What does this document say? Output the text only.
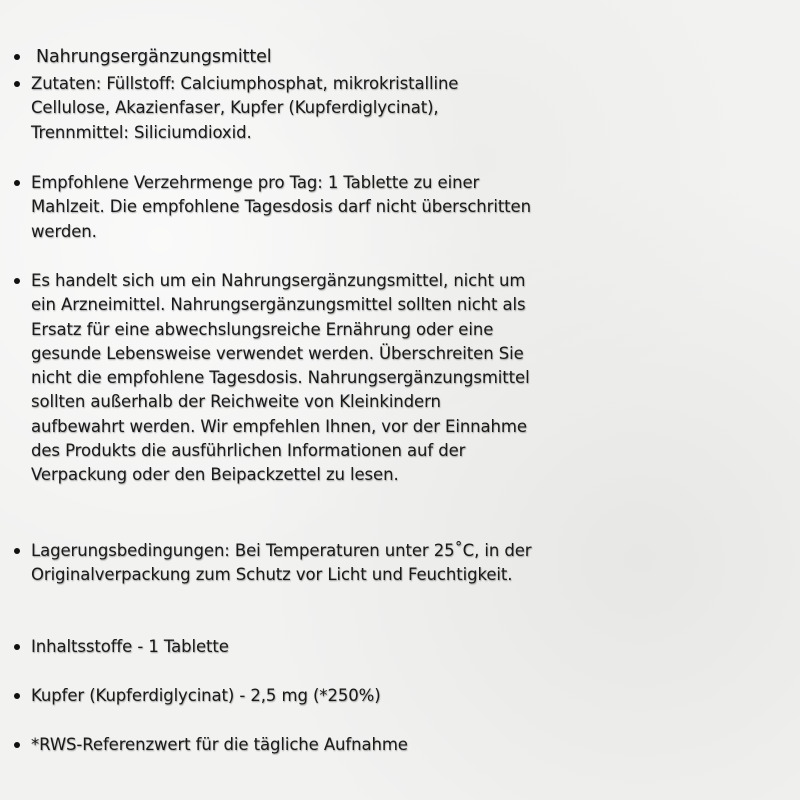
Nahrungsergänzungsmittel
Zutaten: Füllstoff: Calciumphosphat, mikrokristalline Cellulose, Akazienfaser, Kupfer (Kupferdiglycinat), Trennmittel: Siliciumdioxid.
Empfohlene Verzehrmenge pro Tag: 1 Tablette zu einer Mahlzeit. Die empfohlene Tagesdosis darf nicht überschritten werden.
Es handelt sich um ein Nahrungsergänzungsmittel, nicht um ein Arzneimittel. Nahrungsergänzungsmittel sollten nicht als Ersatz für eine abwechslungsreiche Ernährung oder eine gesunde Lebensweise verwendet werden. Überschreiten Sie nicht die empfohlene Tagesdosis. Nahrungsergänzungsmittel sollten außerhalb der Reichweite von Kleinkindern aufbewahrt werden. Wir empfehlen Ihnen, vor der Einnahme des Produkts die ausführlichen Informationen auf der Verpackung oder den Beipackzettel zu lesen.
Lagerungsbedingungen: Bei Temperaturen unter 25˚C, in der Originalverpackung zum Schutz vor Licht und Feuchtigkeit.
Inhaltsstoffe - 1 Tablette
Kupfer (Kupferdiglycinat) - 2,5 mg (*250%)
*RWS-Referenzwert für die tägliche Aufnahme
